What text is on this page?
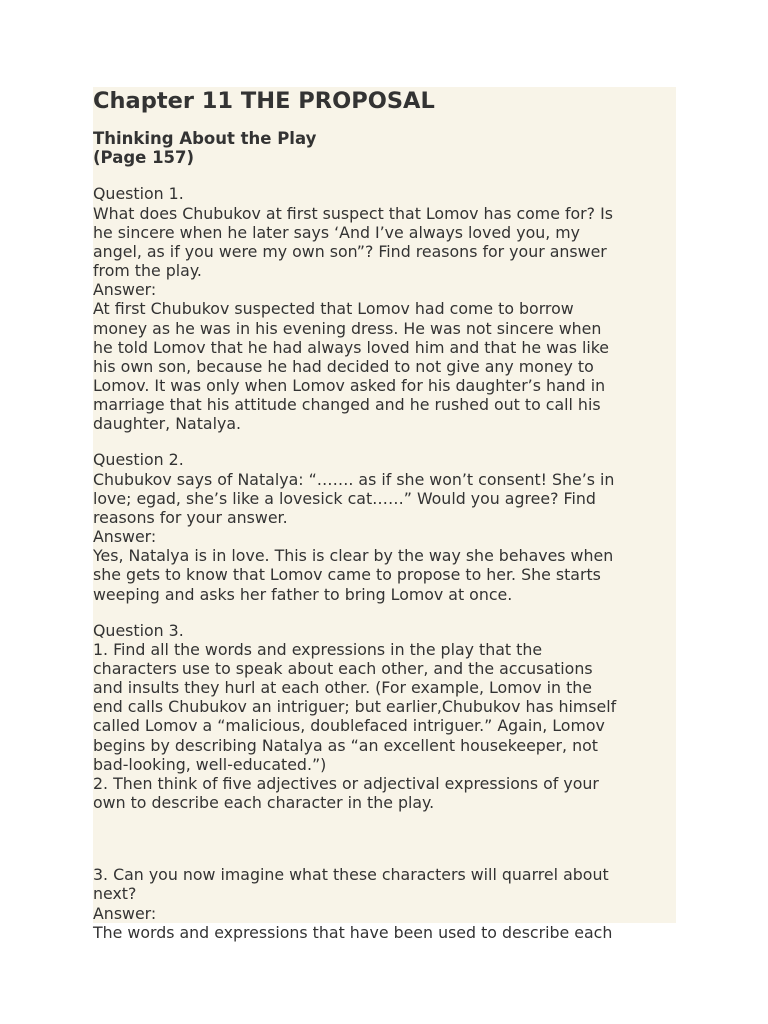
Chapter 11 THE PROPOSAL
Thinking About the Play
(Page 157)
Question 1.
What does Chubukov at first suspect that Lomov has come for? Is
he sincere when he later says ‘And I’ve always loved you, my
angel, as if you were my own son”? Find reasons for your answer
from the play.
Answer:
At first Chubukov suspected that Lomov had come to borrow
money as he was in his evening dress. He was not sincere when
he told Lomov that he had always loved him and that he was like
his own son, because he had decided to not give any money to
Lomov. It was only when Lomov asked for his daughter’s hand in
marriage that his attitude changed and he rushed out to call his
daughter, Natalya.
Question 2.
Chubukov says of Natalya: “……. as if she won’t consent! She’s in
love; egad, she’s like a lovesick cat……” Would you agree? Find
reasons for your answer.
Answer:
Yes, Natalya is in love. This is clear by the way she behaves when
she gets to know that Lomov came to propose to her. She starts
weeping and asks her father to bring Lomov at once.
Question 3.
1. Find all the words and expressions in the play that the
characters use to speak about each other, and the accusations
and insults they hurl at each other. (For example, Lomov in the
end calls Chubukov an intriguer; but earlier,Chubukov has himself
called Lomov a “malicious, doublefaced intriguer.” Again, Lomov
begins by describing Natalya as “an excellent housekeeper, not
bad-looking, well-educated.”)
2. Then think of five adjectives or adjectival expressions of your
own to describe each character in the play.
3. Can you now imagine what these characters will quarrel about
next?
Answer:
The words and expressions that have been used to describe each
